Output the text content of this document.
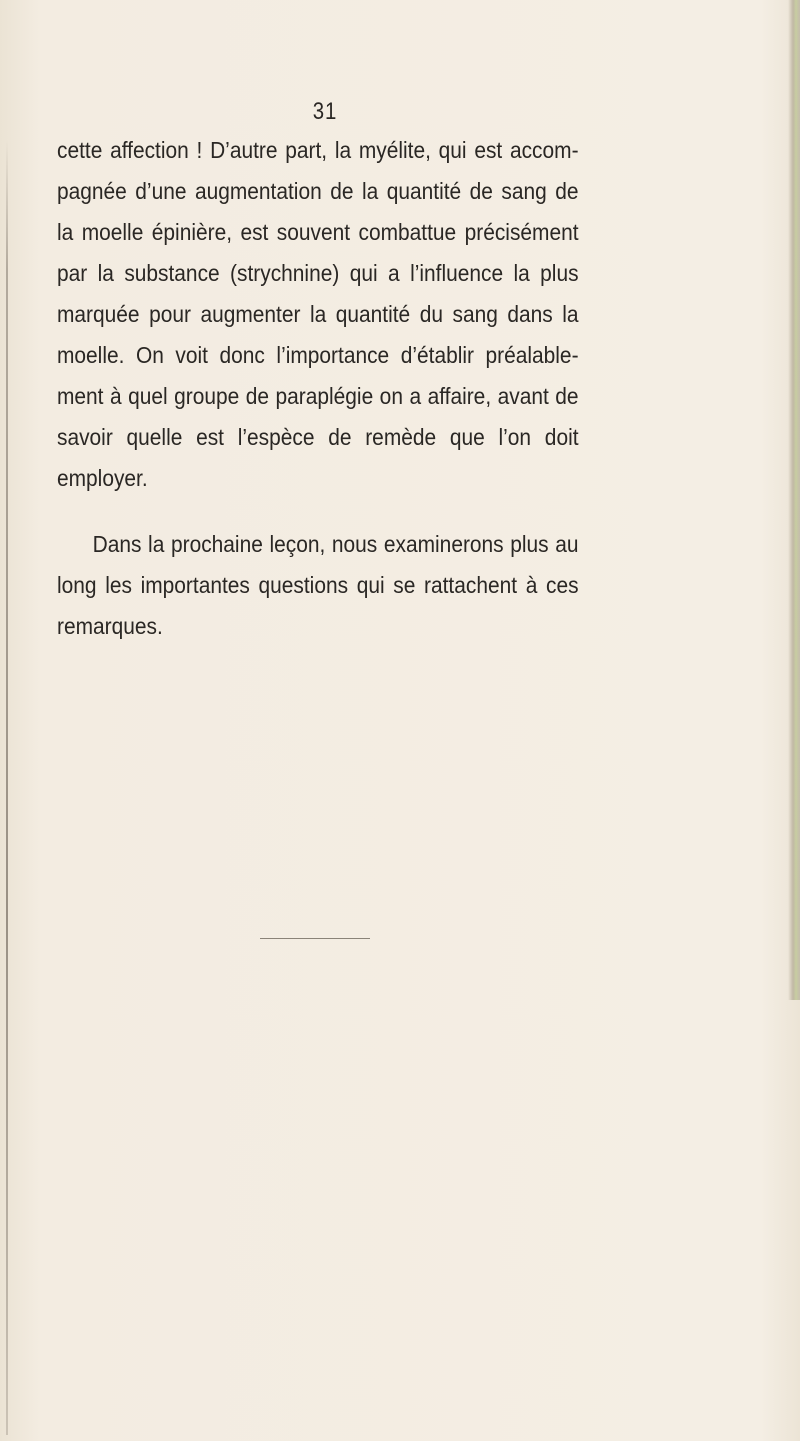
31

cette affection ! D’autre part, la myélite, qui est accom-pagnée d’une augmentation de la quantité de sang de la moelle épinière, est souvent combattue précisément par la substance (strychnine) qui a l’influence la plus marquée pour augmenter la quantité du sang dans la moelle. On voit donc l’importance d’établir préalable-ment à quel groupe de paraplégie on a affaire, avant de savoir quelle est l’espèce de remède que l’on doit employer.

Dans la prochaine leçon, nous examinerons plus au long les importantes questions qui se rattachent à ces remarques.
